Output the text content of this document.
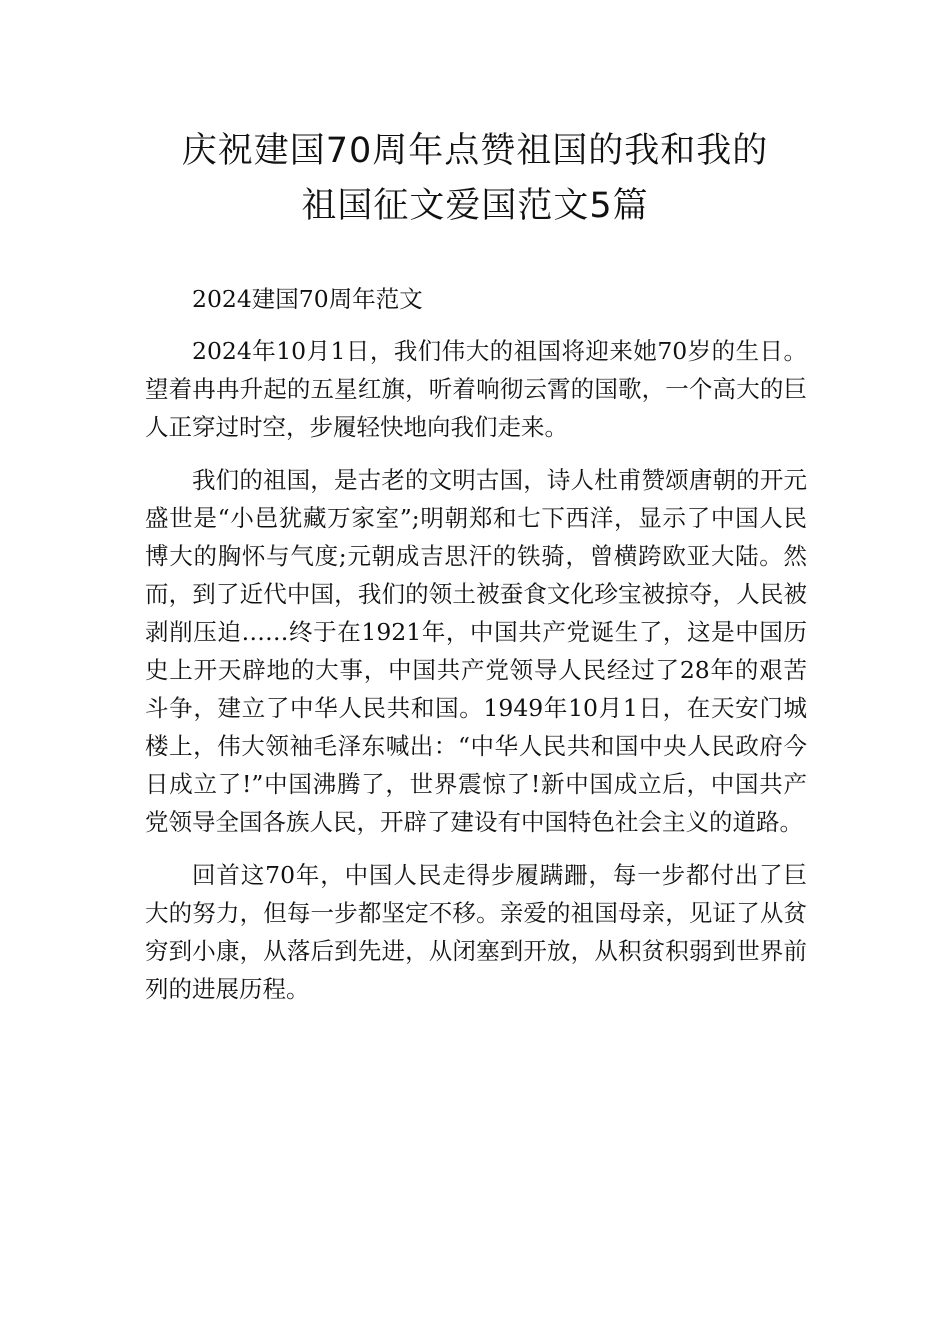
庆祝建国70周年点赞祖国的我和我的
祖国征文爱国范文5篇

2024建国70周年范文

2024年10月1日，我们伟大的祖国将迎来她70岁的生日。望着冉冉升起的五星红旗，听着响彻云霄的国歌，一个高大的巨人正穿过时空，步履轻快地向我们走来。

我们的祖国，是古老的文明古国，诗人杜甫赞颂唐朝的开元盛世是“小邑犹藏万家室”;明朝郑和七下西洋，显示了中国人民博大的胸怀与气度;元朝成吉思汗的铁骑，曾横跨欧亚大陆。然而，到了近代中国，我们的领土被蚕食文化珍宝被掠夺，人民被剥削压迫……终于在1921年，中国共产党诞生了，这是中国历史上开天辟地的大事，中国共产党领导人民经过了28年的艰苦斗争，建立了中华人民共和国。1949年10月1日，在天安门城楼上，伟大领袖毛泽东喊出：“中华人民共和国中央人民政府今日成立了!”中国沸腾了，世界震惊了!新中国成立后，中国共产党领导全国各族人民，开辟了建设有中国特色社会主义的道路。

回首这70年，中国人民走得步履蹒跚，每一步都付出了巨大的努力，但每一步都坚定不移。亲爱的祖国母亲，见证了从贫穷到小康，从落后到先进，从闭塞到开放，从积贫积弱到世界前列的进展历程。
